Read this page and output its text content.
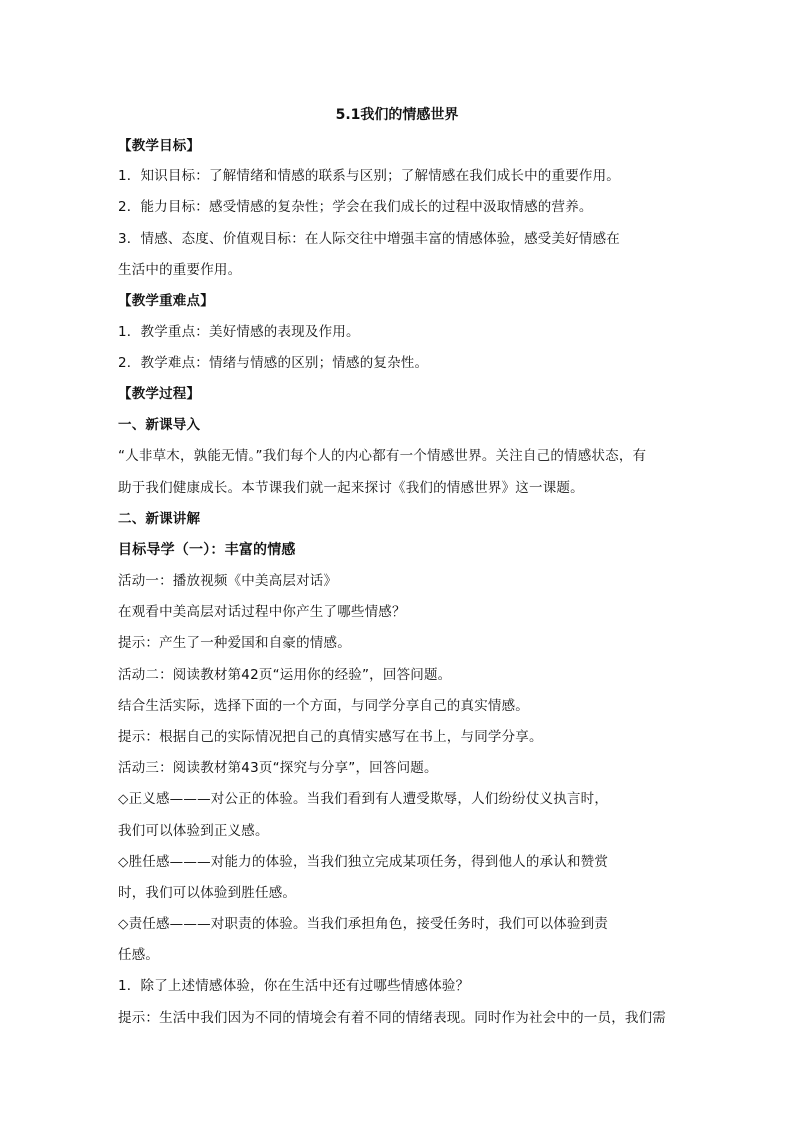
5.1我们的情感世界
【教学目标】
1．知识目标：了解情绪和情感的联系与区别；了解情感在我们成长中的重要作用。
2．能力目标：感受情感的复杂性；学会在我们成长的过程中汲取情感的营养。
3．情感、态度、价值观目标：在人际交往中增强丰富的情感体验，感受美好情感在
生活中的重要作用。
【教学重难点】
1．教学重点：美好情感的表现及作用。
2．教学难点：情绪与情感的区别；情感的复杂性。
【教学过程】
一、新课导入
“人非草木，孰能无情。”我们每个人的内心都有一个情感世界。关注自己的情感状态，有
助于我们健康成长。本节课我们就一起来探讨《我们的情感世界》这一课题。
二、新课讲解
目标导学（一）：丰富的情感
活动一：播放视频《中美高层对话》
在观看中美高层对话过程中你产生了哪些情感？
提示：产生了一种爱国和自豪的情感。
活动二：阅读教材第42页“运用你的经验”，回答问题。
结合生活实际，选择下面的一个方面，与同学分享自己的真实情感。
提示：根据自己的实际情况把自己的真情实感写在书上，与同学分享。
活动三：阅读教材第43页“探究与分享”，回答问题。
◇正义感———对公正的体验。当我们看到有人遭受欺辱，人们纷纷仗义执言时，
我们可以体验到正义感。
◇胜任感———对能力的体验，当我们独立完成某项任务，得到他人的承认和赞赏
时，我们可以体验到胜任感。
◇责任感———对职责的体验。当我们承担角色，接受任务时，我们可以体验到责
任感。
1．除了上述情感体验，你在生活中还有过哪些情感体验？
提示：生活中我们因为不同的情境会有着不同的情绪表现。同时作为社会中的一员，我们需
